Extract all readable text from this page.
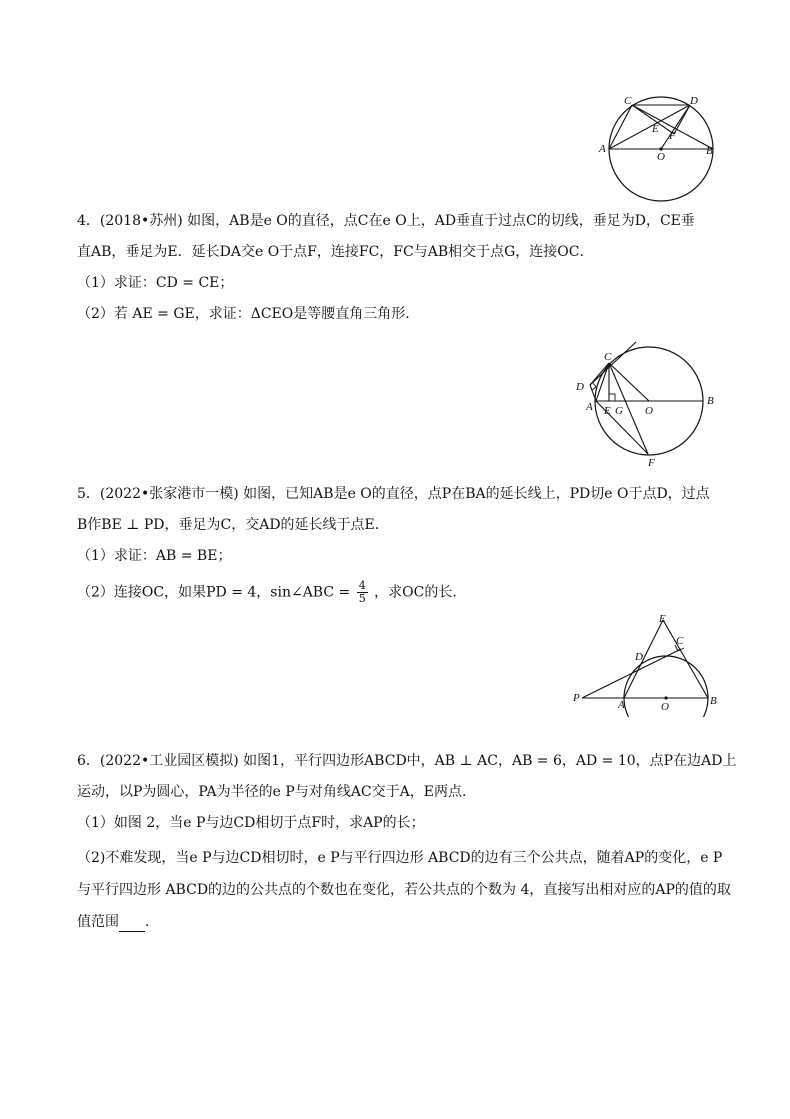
C	D
E
F
A
O	B
4．(2018•苏州) 如图，AB是e O的直径，点C在e O上，AD垂直于过点C的切线，垂足为D，CE垂
直AB，垂足为E．延长DA交e O于点F，连接FC，FC与AB相交于点G，连接OC．
（1）求证：CD = CE；
（2）若 AE = GE，求证：ΔCEO是等腰直角三角形.
C
D
A E G O
B
F
5．(2022•张家港市一模) 如图，已知AB是e O的直径，点P在BA的延长线上，PD切e O于点D，过点
B作BE ⊥ PD，垂足为C，交AD的延长线于点E．
（1）求证：AB = BE；
（2）连接OC，如果PD = 4，sin∠ABC = $\frac{4}{5}$ ，求OC的长.
E
C
D
P
A	O	B
6．(2022•工业园区模拟) 如图1，平行四边形ABCD中，AB ⊥ AC，AB = 6，AD = 10，点P在边AD上
运动，以P为圆心，PA为半径的e P与对角线AC交于A，E两点.
（1）如图 2，当e P与边CD相切于点F时，求AP的长；
（2)不难发现，当e P与边CD相切时，e P与平行四边形 ABCD的边有三个公共点，随着AP的变化，e P
与平行四边形 ABCD的边的公共点的个数也在变化，若公共点的个数为 4，直接写出相对应的AP的值的取
值范围 ．
